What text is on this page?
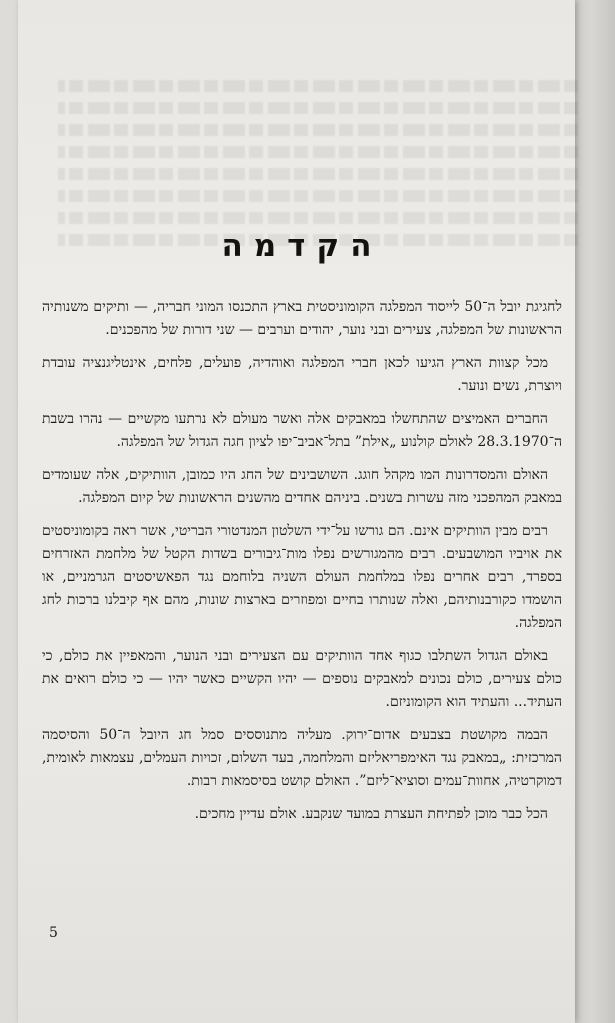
הקדמה

לחגיגת יובל ה־50 לייסוד המפלגה הקומוניסטית בארץ התכנסו המוני חבריה, — ותיקים משנותיה הראשונות של המפלגה, צעירים ובני נוער, יהודים וערבים — שני דורות של מהפכנים.

מכל קצוות הארץ הגיעו לכאן חברי המפלגה ואוהדיה, פועלים, פלחים, אינטליגנציה עובדת ויוצרת, נשים ונוער.

החברים האמיצים שהתחשלו במאבקים אלה ואשר מעולם לא נרתעו מקשיים — נהרו בשבת ה־28.3.1970 לאולם קולנוע „אילת” בתל־אביב־יפו לציון חגה הגדול של המפלגה.

האולם והמסדרונות המו מקהל חוגג. השושבינים של החג היו כמובן, הוותיקים, אלה שעומדים במאבק המהפכני מזה עשרות בשנים. ביניהם אחדים מהשנים הראשונות של קיום המפלגה.

רבים מבין הוותיקים אינם. הם גורשו על־ידי השלטון המנדטורי הבריטי, אשר ראה בקומוניסטים את אויביו המושבעים. רבים מהמגורשים נפלו מות־גיבורים בשדות הקטל של מלחמת האזרחים בספרד, רבים אחרים נפלו במלחמת העולם השניה בלוחמם נגד הפאשיסטים הגרמניים, או הושמדו כקורבנותיהם, ואלה שנותרו בחיים ומפוזרים בארצות שונות, מהם אף קיבלנו ברכות לחג המפלגה.

באולם הגדול השתלבו כגוף אחד הוותיקים עם הצעירים ובני הנוער, והמאפיין את כולם, כי כולם צעירים, כולם נכונים למאבקים נוספים — יהיו הקשיים כאשר יהיו — כי כולם רואים את העתיד... והעתיד הוא הקומוניזם.

הבמה מקושטת בצבעים אדום־ירוק. מעליה מתנוססים סמל חג היובל ה־50 והסיסמה המרכזית: „במאבק נגד האימפריאליזם והמלחמה, בעד השלום, זכויות העמלים, עצמאות לאומית, דמוקרטיה, אחוות־עמים וסוציא־ליזם”. האולם קושט בסיסמאות רבות.

הכל כבר מוכן לפתיחת העצרת במועד שנקבע. אולם עדיין מחכים.

5
